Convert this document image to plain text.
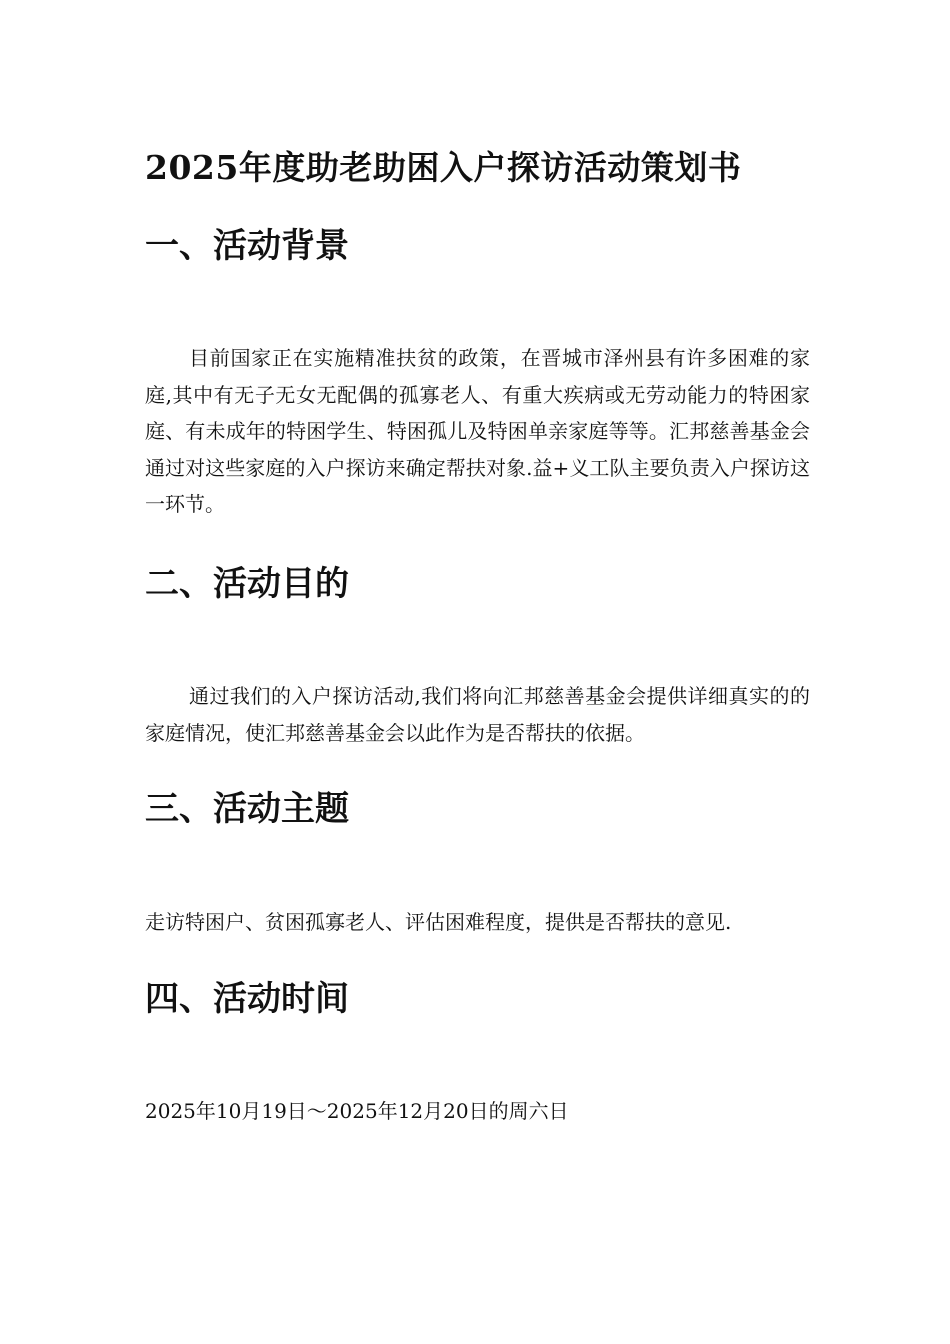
2025年度助老助困入户探访活动策划书
一、活动背景

目前国家正在实施精准扶贫的政策，在晋城市泽州县有许多困难的家庭,其中有无子无女无配偶的孤寡老人、有重大疾病或无劳动能力的特困家庭、有未成年的特困学生、特困孤儿及特困单亲家庭等等。汇邦慈善基金会通过对这些家庭的入户探访来确定帮扶对象.益+义工队主要负责入户探访这一环节。

二、活动目的

通过我们的入户探访活动,我们将向汇邦慈善基金会提供详细真实的的家庭情况，使汇邦慈善基金会以此作为是否帮扶的依据。

三、活动主题

走访特困户、贫困孤寡老人、评估困难程度，提供是否帮扶的意见.

四、活动时间

2025年10月19日～2025年12月20日的周六日
